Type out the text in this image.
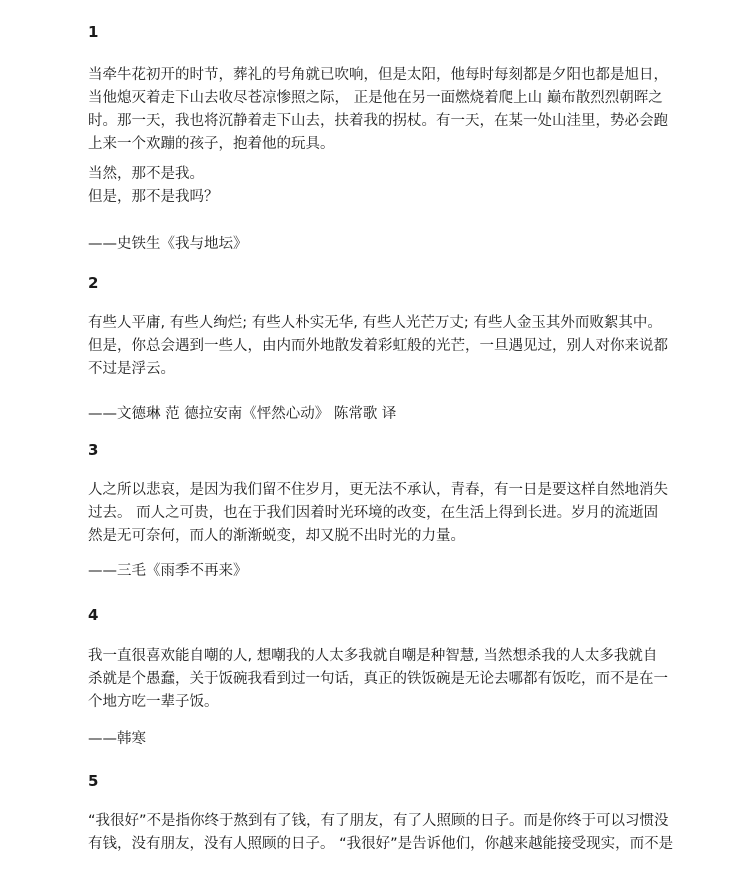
1
当牵牛花初开的时节，葬礼的号角就已吹响，但是太阳，他每时每刻都是夕阳也都是旭日，
当他熄灭着走下山去收尽苍凉惨照之际， 正是他在另一面燃烧着爬上山 巅布散烈烈朝晖之
时。那一天，我也将沉静着走下山去，扶着我的拐杖。有一天，在某一处山洼里，势必会跑
上来一个欢蹦的孩子，抱着他的玩具。
当然，那不是我。
但是，那不是我吗？
——史铁生《我与地坛》
2
有些人平庸, 有些人绚烂; 有些人朴实无华, 有些人光芒万丈; 有些人金玉其外而败絮其中。
但是，你总会遇到一些人，由内而外地散发着彩虹般的光芒，一旦遇见过，别人对你来说都
不过是浮云。
——文德琳 范 德拉安南《怦然心动》 陈常歌 译
3
人之所以悲哀，是因为我们留不住岁月，更无法不承认，青春，有一日是要这样自然地消失
过去。 而人之可贵，也在于我们因着时光环境的改变，在生活上得到长进。岁月的流逝固
然是无可奈何，而人的渐渐蜕变，却又脱不出时光的力量。
——三毛《雨季不再来》
4
我一直很喜欢能自嘲的人, 想嘲我的人太多我就自嘲是种智慧, 当然想杀我的人太多我就自
杀就是个愚蠢，关于饭碗我看到过一句话，真正的铁饭碗是无论去哪都有饭吃，而不是在一
个地方吃一辈子饭。
——韩寒
5
“我很好”不是指你终于熬到有了钱，有了朋友，有了人照顾的日子。而是你终于可以习惯没
有钱，没有朋友，没有人照顾的日子。 “我很好”是告诉他们，你越来越能接受现实，而不是
